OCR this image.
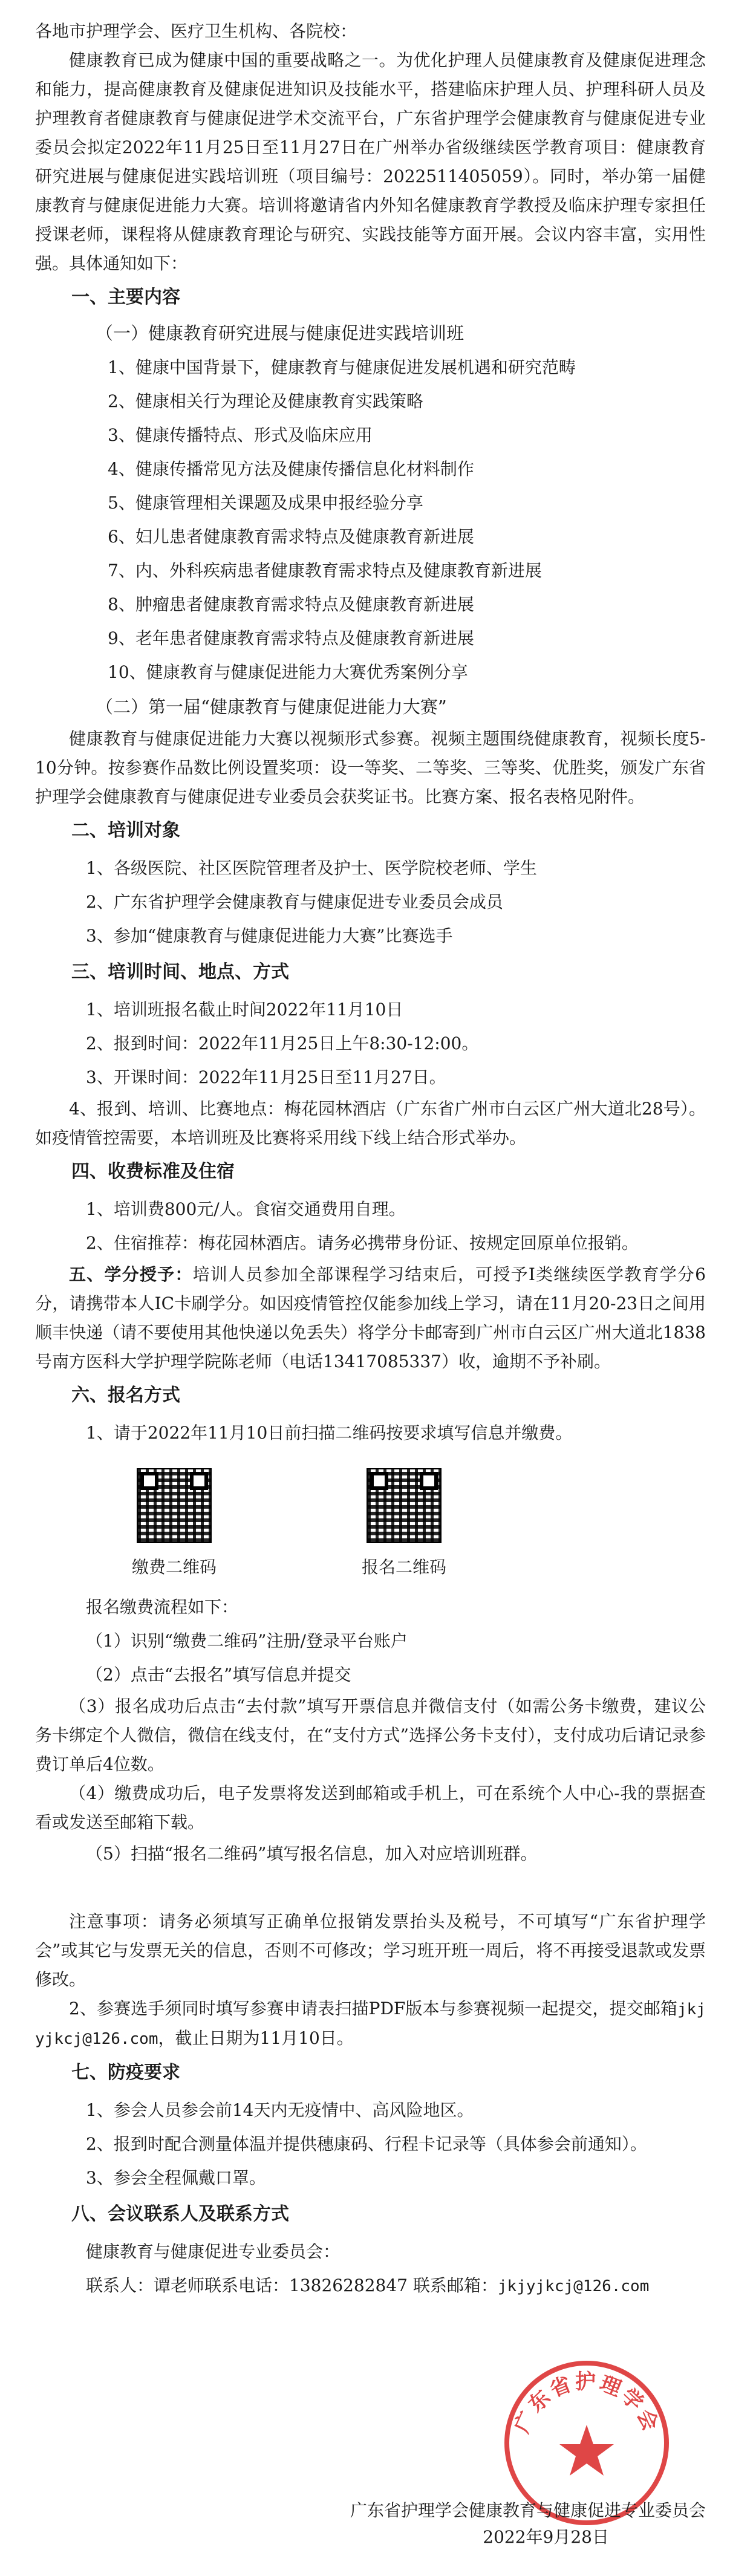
各地市护理学会、医疗卫生机构、各院校：

健康教育已成为健康中国的重要战略之一。为优化护理人员健康教育及健康促进理念和能力，提高健康教育及健康促进知识及技能水平，搭建临床护理人员、护理科研人员及护理教育者健康教育与健康促进学术交流平台，广东省护理学会健康教育与健康促进专业委员会拟定2022年11月25日至11月27日在广州举办省级继续医学教育项目：健康教育研究进展与健康促进实践培训班（项目编号：2022511405059）。同时，举办第一届健康教育与健康促进能力大赛。培训将邀请省内外知名健康教育学教授及临床护理专家担任授课老师，课程将从健康教育理论与研究、实践技能等方面开展。会议内容丰富，实用性强。具体通知如下：

一、主要内容
（一）健康教育研究进展与健康促进实践培训班
1、健康中国背景下，健康教育与健康促进发展机遇和研究范畴
2、健康相关行为理论及健康教育实践策略
3、健康传播特点、形式及临床应用
4、健康传播常见方法及健康传播信息化材料制作
5、健康管理相关课题及成果申报经验分享
6、妇儿患者健康教育需求特点及健康教育新进展
7、内、外科疾病患者健康教育需求特点及健康教育新进展
8、肿瘤患者健康教育需求特点及健康教育新进展
9、老年患者健康教育需求特点及健康教育新进展
10、健康教育与健康促进能力大赛优秀案例分享
（二）第一届“健康教育与健康促进能力大赛”

健康教育与健康促进能力大赛以视频形式参赛。视频主题围绕健康教育，视频长度5-10分钟。按参赛作品数比例设置奖项：设一等奖、二等奖、三等奖、优胜奖，颁发广东省护理学会健康教育与健康促进专业委员会获奖证书。比赛方案、报名表格见附件。

二、培训对象
1、各级医院、社区医院管理者及护士、医学院校老师、学生
2、广东省护理学会健康教育与健康促进专业委员会成员
3、参加“健康教育与健康促进能力大赛”比赛选手
三、培训时间、地点、方式
1、培训班报名截止时间2022年11月10日
2、报到时间：2022年11月25日上午8:30-12:00。
3、开课时间：2022年11月25日至11月27日。

4、报到、培训、比赛地点：梅花园林酒店（广东省广州市白云区广州大道北28号）。如疫情管控需要，本培训班及比赛将采用线下线上结合形式举办。

四、收费标准及住宿
1、培训费800元/人。食宿交通费用自理。
2、住宿推荐：梅花园林酒店。请务必携带身份证、按规定回原单位报销。

五、学分授予：培训人员参加全部课程学习结束后，可授予I类继续医学教育学分6分，请携带本人IC卡刷学分。如因疫情管控仅能参加线上学习，请在11月20-23日之间用顺丰快递（请不要使用其他快递以免丢失）将学分卡邮寄到广州市白云区广州大道北1838号南方医科大学护理学院陈老师（电话13417085337）收，逾期不予补刷。

六、报名方式
1、请于2022年11月10日前扫描二维码按要求填写信息并缴费。
缴费二维码	报名二维码
报名缴费流程如下：
（1）识别“缴费二维码”注册/登录平台账户
（2）点击“去报名”填写信息并提交

（3）报名成功后点击“去付款”填写开票信息并微信支付（如需公务卡缴费，建议公务卡绑定个人微信，微信在线支付，在“支付方式”选择公务卡支付），支付成功后请记录参费订单后4位数。

（4）缴费成功后，电子发票将发送到邮箱或手机上，可在系统个人中心-我的票据查看或发送至邮箱下载。

（5）扫描“报名二维码”填写报名信息，加入对应培训班群。

注意事项：请务必须填写正确单位报销发票抬头及税号，不可填写“广东省护理学会”或其它与发票无关的信息，否则不可修改；学习班开班一周后，将不再接受退款或发票修改。

2、参赛选手须同时填写参赛申请表扫描PDF版本与参赛视频一起提交，提交邮箱jkjyjkcj@126.com，截止日期为11月10日。

七、防疫要求
1、参会人员参会前14天内无疫情中、高风险地区。
2、报到时配合测量体温并提供穗康码、行程卡记录等（具体参会前通知）。
3、参会全程佩戴口罩。
八、会议联系人及联系方式
健康教育与健康促进专业委员会：
联系人：谭老师联系电话：13826282847 联系邮箱：jkjyjkcj@126.com
广东省护理学会
广东省护理学会健康教育与健康促进专业委员会
2022年9月28日
